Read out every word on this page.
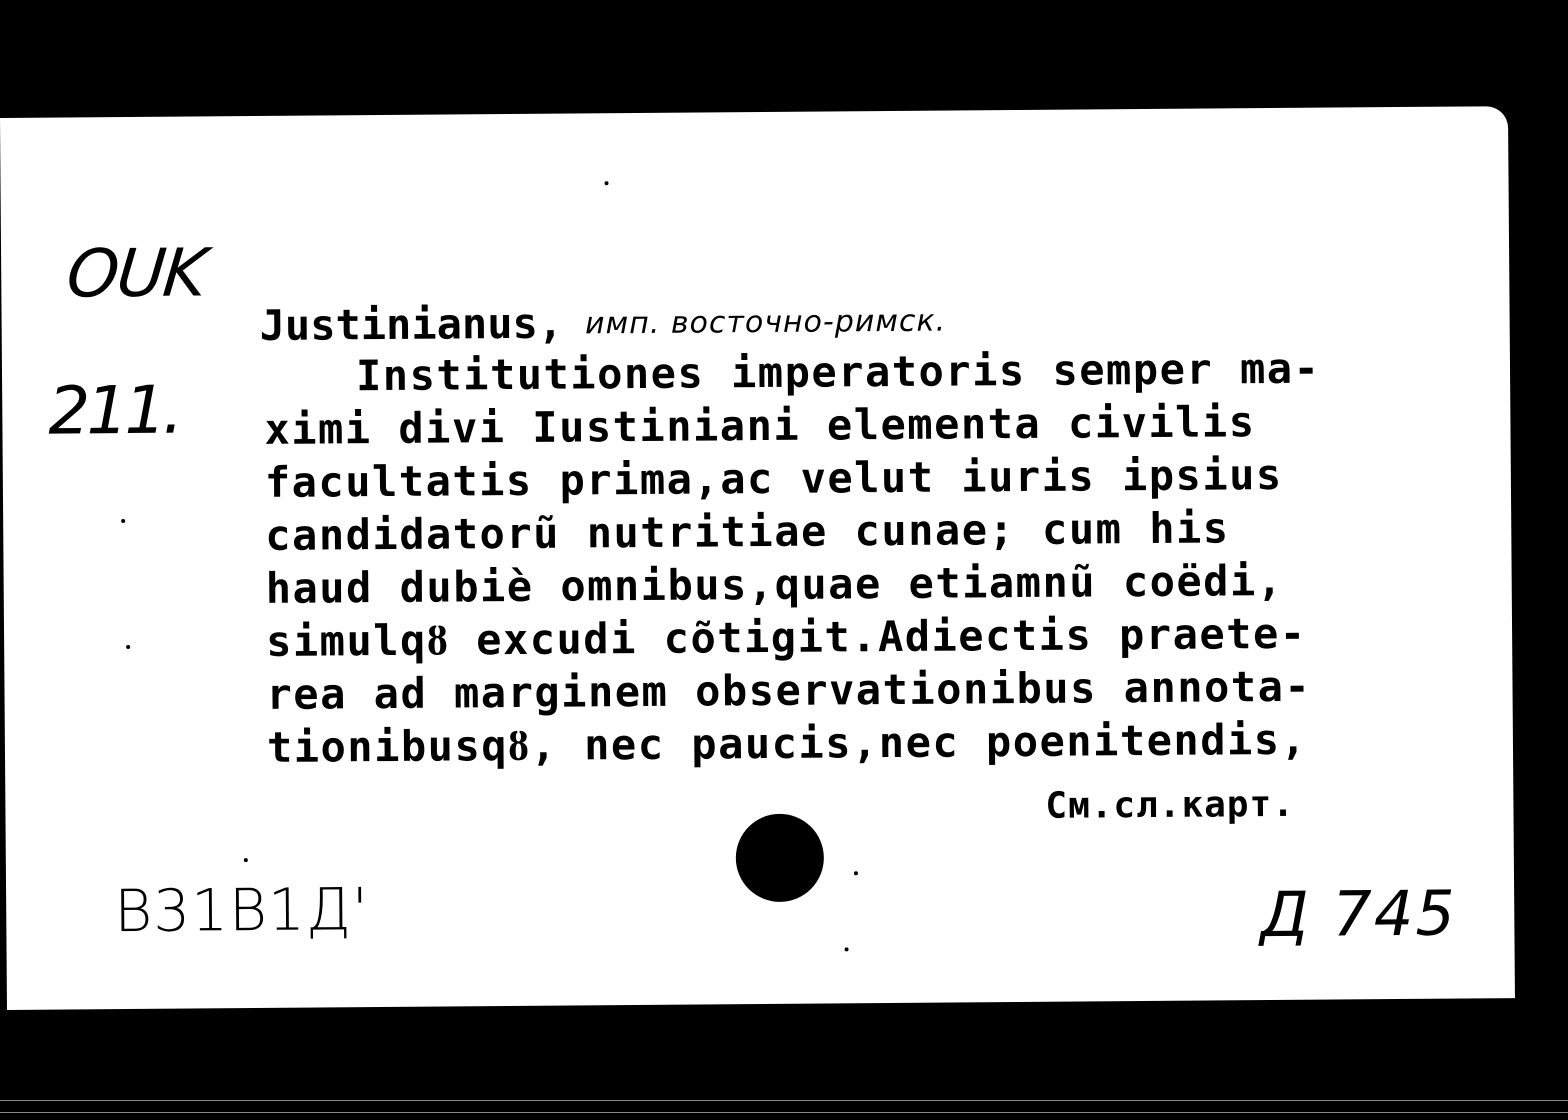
OUK
211.
Justinianus, имп. восточно-римск.
Institutiones imperatoris semper ma-
ximi divi Iustiniani elementa civilis
facultatis prima,ac velut iuris ipsius
candidatorũ nutritiae cunae; cum his
haud dubiè omnibus,quae etiamnũ coëdi,
simulqȣ excudi cõtigit.Adiectis praete-
rea ad marginem observationibus annota-
tionibusqȣ, nec paucis,nec poenitendis,
См.сл.карт.
B31B1Д'	Д 745
